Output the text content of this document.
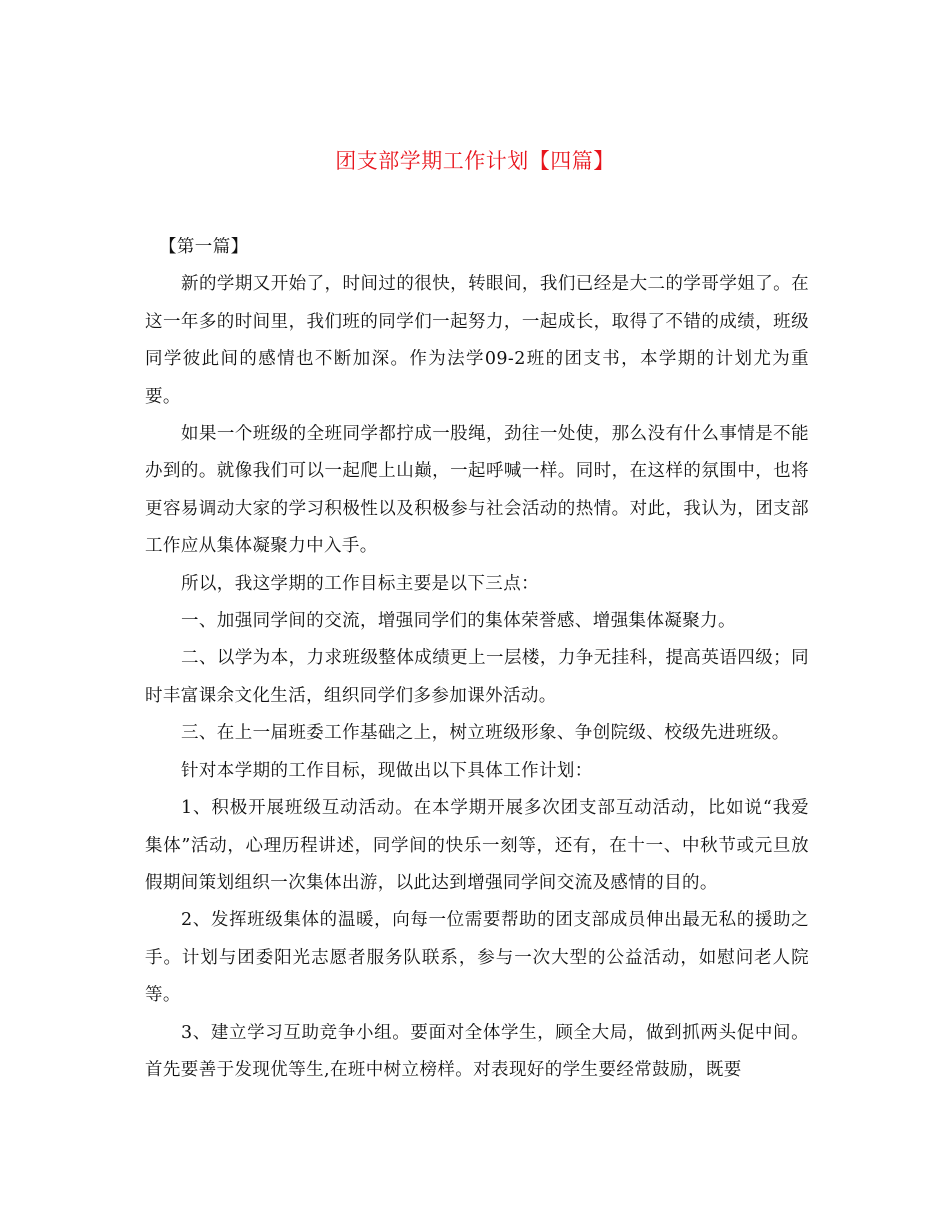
团支部学期工作计划【四篇】

【第一篇】

新的学期又开始了，时间过的很快，转眼间，我们已经是大二的学哥学姐了。在这一年多的时间里，我们班的同学们一起努力，一起成长，取得了不错的成绩，班级同学彼此间的感情也不断加深。作为法学09-2班的团支书，本学期的计划尤为重要。

如果一个班级的全班同学都拧成一股绳，劲往一处使，那么没有什么事情是不能办到的。就像我们可以一起爬上山巅，一起呼喊一样。同时，在这样的氛围中，也将更容易调动大家的学习积极性以及积极参与社会活动的热情。对此，我认为，团支部工作应从集体凝聚力中入手。

所以，我这学期的工作目标主要是以下三点：

一、加强同学间的交流，增强同学们的集体荣誉感、增强集体凝聚力。

二、以学为本，力求班级整体成绩更上一层楼，力争无挂科，提高英语四级；同时丰富课余文化生活，组织同学们多参加课外活动。

三、在上一届班委工作基础之上，树立班级形象、争创院级、校级先进班级。

针对本学期的工作目标，现做出以下具体工作计划：

1、积极开展班级互动活动。在本学期开展多次团支部互动活动，比如说“我爱集体”活动，心理历程讲述，同学间的快乐一刻等，还有，在十一、中秋节或元旦放假期间策划组织一次集体出游，以此达到增强同学间交流及感情的目的。

2、发挥班级集体的温暖，向每一位需要帮助的团支部成员伸出最无私的援助之手。计划与团委阳光志愿者服务队联系，参与一次大型的公益活动，如慰问老人院等。

3、建立学习互助竞争小组。要面对全体学生，顾全大局，做到抓两头促中间。首先要善于发现优等生,在班中树立榜样。对表现好的学生要经常鼓励，既要
